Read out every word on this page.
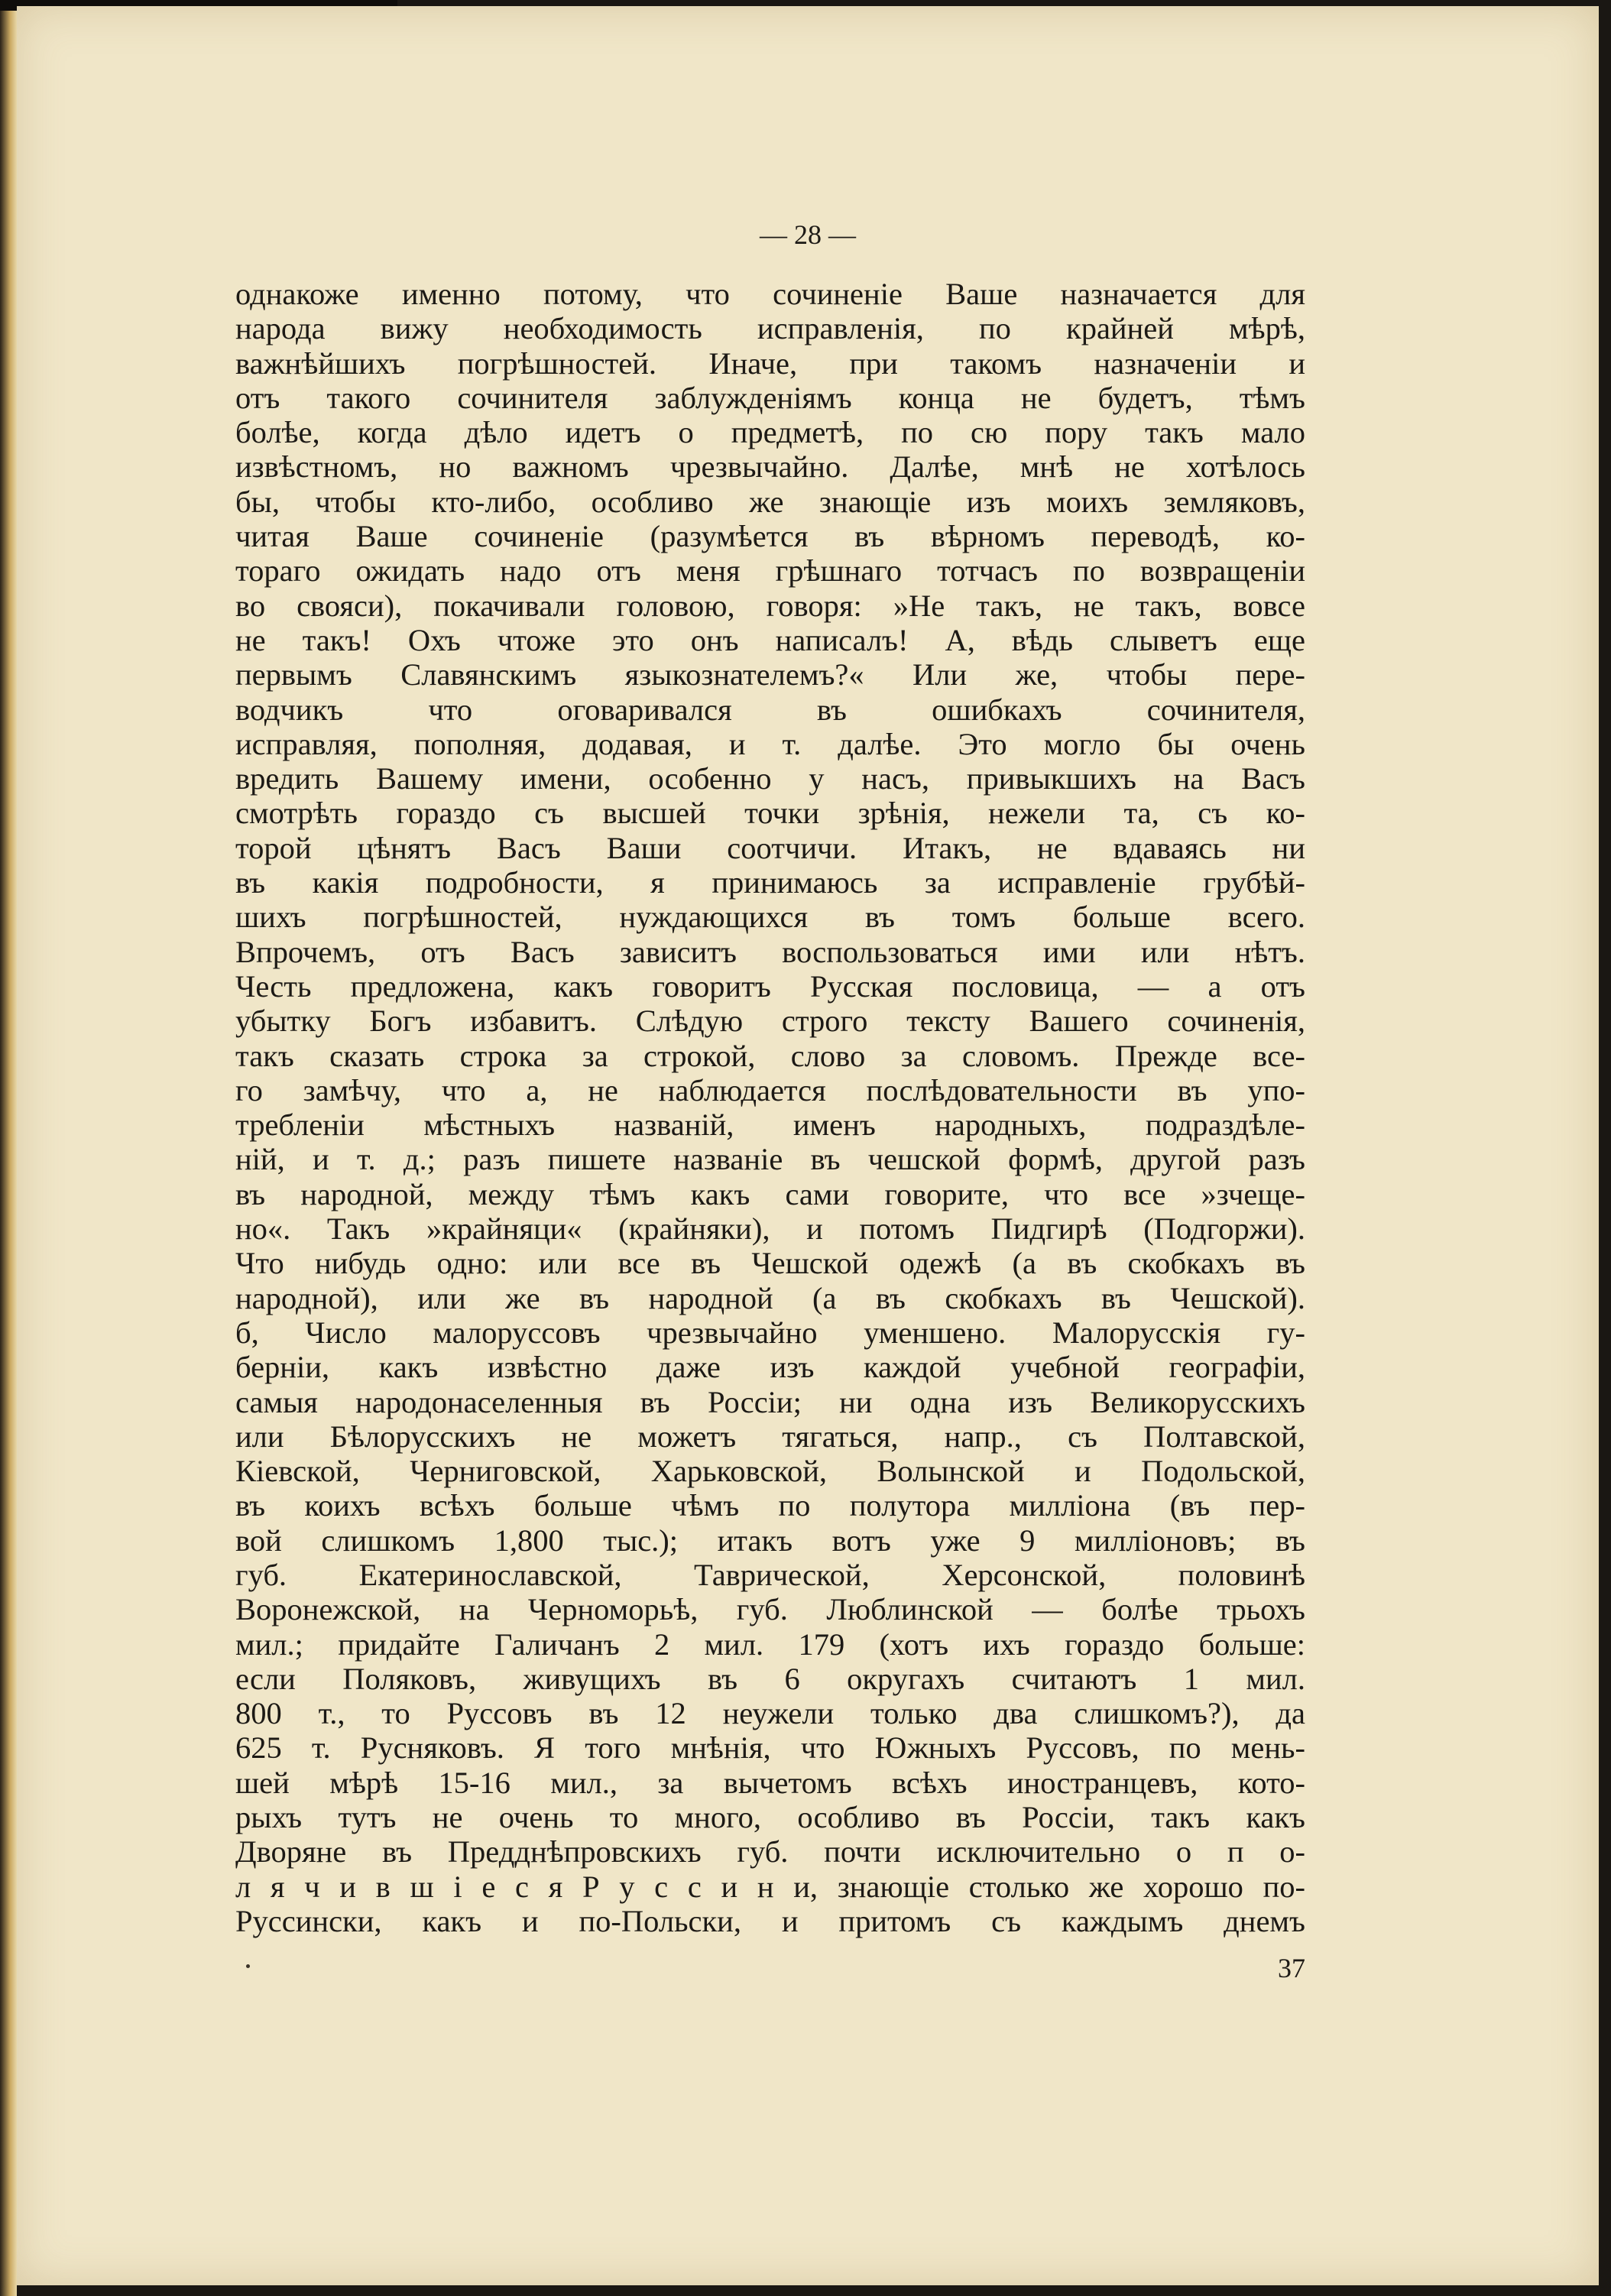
— 28 —
однакоже именно потому, что сочиненіе Ваше назначается для
народа вижу необходимость исправленія, по крайней мѣрѣ,
важнѣйшихъ погрѣшностей. Иначе, при такомъ назначеніи и
отъ такого сочинителя заблужденіямъ конца не будетъ, тѣмъ
болѣе, когда дѣло идетъ о предметѣ, по сю пору такъ мало
извѣстномъ, но важномъ чрезвычайно. Далѣе, мнѣ не хотѣлось
бы, чтобы кто-либо, особливо же знающіе изъ моихъ земляковъ,
читая Ваше сочиненіе (разумѣется въ вѣрномъ переводѣ, ко-
тораго ожидать надо отъ меня грѣшнаго тотчасъ по возвращеніи
во свояси), покачивали головою, говоря: »Не такъ, не такъ, вовсе
не такъ! Охъ чтоже это онъ написалъ! А, вѣдь слыветъ еще
первымъ Славянскимъ языкознателемъ?« Или же, чтобы пере-
водчикъ что оговаривался въ ошибкахъ сочинителя,
исправляя, пополняя, додавая, и т. далѣе. Это могло бы очень
вредить Вашему имени, особенно у насъ, привыкшихъ на Васъ
смотрѣть гораздо съ высшей точки зрѣнія, нежели та, съ ко-
торой цѣнятъ Васъ Ваши соотчичи. Итакъ, не вдаваясь ни
въ какія подробности, я принимаюсь за исправленіе грубѣй-
шихъ погрѣшностей, нуждающихся въ томъ больше всего.
Впрочемъ, отъ Васъ зависитъ воспользоваться ими или нѣтъ.
Честь предложена, какъ говоритъ Русская пословица, — а отъ
убытку Богъ избавитъ. Слѣдую строго тексту Вашего сочиненія,
такъ сказать строка за строкой, слово за словомъ. Прежде все-
го замѣчу, что а, не наблюдается послѣдовательности въ упо-
требленіи мѣстныхъ названій, именъ народныхъ, подраздѣле-
ній, и т. д.; разъ пишете названіе въ чешской формѣ, другой разъ
въ народной, между тѣмъ какъ сами говорите, что все »зчеще-
но«. Такъ »крайняци« (крайняки), и потомъ Пидгирѣ (Подгоржи).
Что нибудь одно: или все въ Чешской одежѣ (а въ скобкахъ въ
народной), или же въ народной (а въ скобкахъ въ Чешской).
б, Число малоруссовъ чрезвычайно уменшено. Малорусскія гу-
берніи, какъ извѣстно даже изъ каждой учебной географіи,
самыя народонаселенныя въ Россіи; ни одна изъ Великорусскихъ
или Бѣлорусскихъ не можетъ тягаться, напр., съ Полтавской,
Кіевской, Черниговской, Харьковской, Волынской и Подольской,
въ коихъ всѣхъ больше чѣмъ по полутора милліона (въ пер-
вой слишкомъ 1,800 тыс.); итакъ вотъ уже 9 милліоновъ; въ
губ. Екатеринославской, Таврической, Херсонской, половинѣ
Воронежской, на Черноморьѣ, губ. Люблинской — болѣе трьохъ
мил.; придайте Галичанъ 2 мил. 179 (хотъ ихъ гораздо больше:
если Поляковъ, живущихъ въ 6 округахъ считаютъ 1 мил.
800 т., то Руссовъ въ 12 неужели только два слишкомъ?), да
625 т. Русняковъ. Я того мнѣнія, что Южныхъ Руссовъ, по мень-
шей мѣрѣ 15-16 мил., за вычетомъ всѣхъ иностранцевъ, кото-
рыхъ тутъ не очень то много, особливо въ Россіи, такъ какъ
Дворяне въ Предднѣпровскихъ губ. почти исключительно о п о-
л я ч и в ш і е с я Р у с с и н и, знающіе столько же хорошо по-
Руссински, какъ и по-Польски, и притомъ съ каждымъ днемъ
37
